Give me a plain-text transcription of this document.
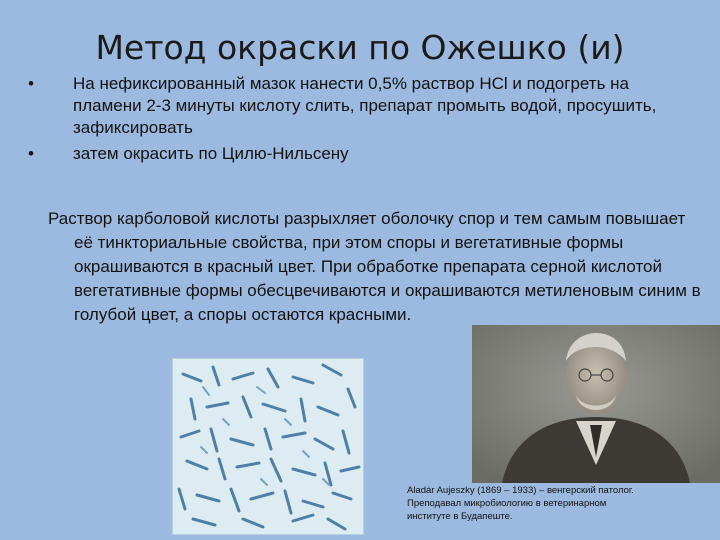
Метод окраски по Ожешко (и)
• На нефиксированный мазок нанести 0,5% раствор HCl и подогреть на пламени 2-3 минуты кислоту слить, препарат промыть водой, просушить, зафиксировать
• затем окрасить по Цилю-Нильсену

Раствор карболовой кислоты разрыхляет оболочку спор и тем самым повышает её тинкториальные свойства, при этом споры и вегетативные формы окрашиваются в красный цвет. При обработке препарата серной кислотой вегетативные формы обесцвечиваются и окрашиваются метиленовым синим в голубой цвет, а споры остаются красными.

Aladár Aujeszky (1869 – 1933) – венгерский патолог.
Преподавал микробиологию в ветеринарном
институте в Будапеште.
